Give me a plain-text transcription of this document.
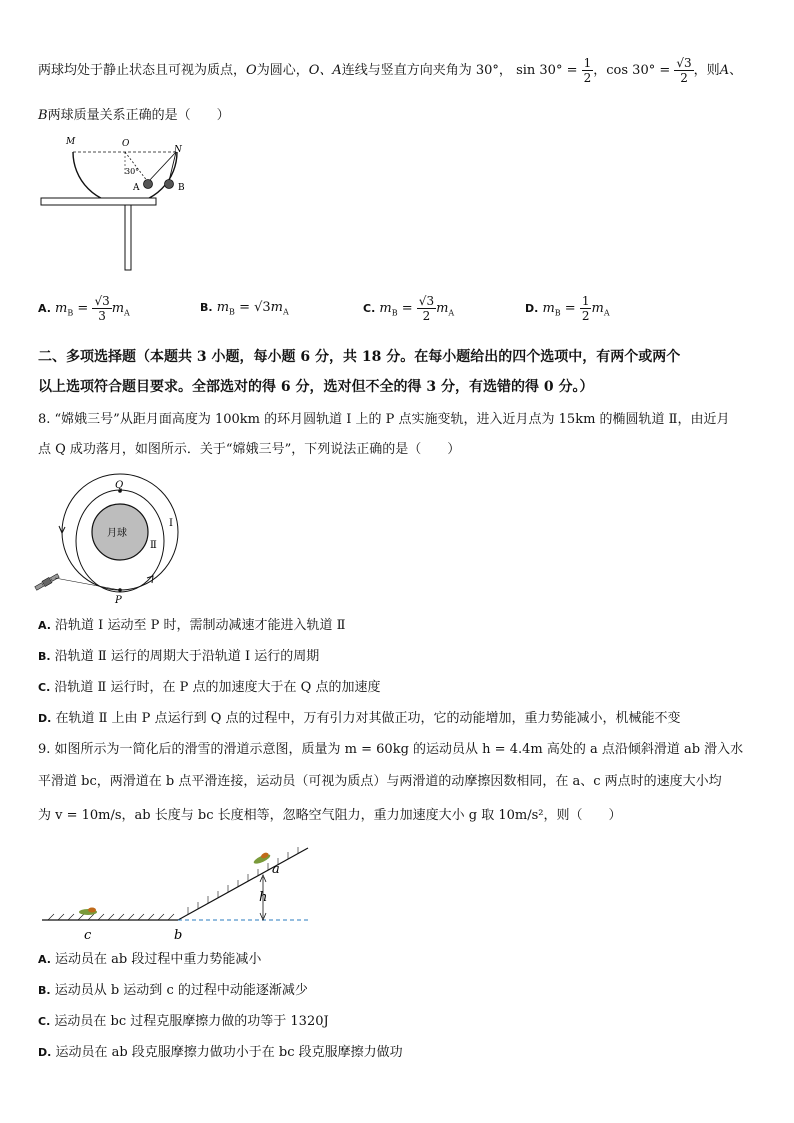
两球均处于静止状态且可视为质点，O为圆心，O、A连线与竖直方向夹角为 30°， $\sin 30^\circ = \frac{1}{2}$ ，$\cos 30^\circ = \frac{√3}{2}$ ，则A、
B两球质量关系正确的是（　　）
M	O
N
30°
A	B
A. $m_B = \frac{√3}{3} m_A$	B. $m_B = √3m_A$	C. $m_B = \frac{√3}{2} m_A$	D. $m_B = \frac{1}{2} m_A$
二、多项选择题（本题共 3 小题，每小题 6 分，共 18 分。在每小题给出的四个选项中，有两个或两个
以上选项符合题目要求。全部选对的得 6 分，选对但不全的得 3 分，有选错的得 0 分。）
8. “嫦娥三号”从距月面高度为 100km 的环月圆轨道 Ⅰ 上的 P 点实施变轨，进入近月点为 15km 的椭圆轨道 Ⅱ，由近月
点 Q 成功落月，如图所示．关于“嫦娥三号”，下列说法正确的是（　　）
Q
月球
Ⅰ
Ⅱ
P
A. 沿轨道 Ⅰ 运动至 P 时，需制动减速才能进入轨道 Ⅱ
B. 沿轨道 Ⅱ 运行的周期大于沿轨道 Ⅰ 运行的周期
C. 沿轨道 Ⅱ 运行时，在 P 点的加速度大于在 Q 点的加速度
D. 在轨道 Ⅱ 上由 P 点运行到 Q 点的过程中，万有引力对其做正功，它的动能增加，重力势能减小，机械能不变
9. 如图所示为一简化后的滑雪的滑道示意图，质量为 m = 60kg 的运动员从 h = 4.4m 高处的 a 点沿倾斜滑道 ab 滑入水
平滑道 bc，两滑道在 b 点平滑连接，运动员（可视为质点）与两滑道的动摩擦因数相同，在 a、c 两点时的速度大小均
为 v = 10m/s，ab 长度与 bc 长度相等，忽略空气阻力，重力加速度大小 g 取 10m/s²，则（　　）
a
h
b
c
A. 运动员在 ab 段过程中重力势能减小
B. 运动员从 b 运动到 c 的过程中动能逐渐减少
C. 运动员在 bc 过程克服摩擦力做的功等于 1320J
D. 运动员在 ab 段克服摩擦力做功小于在 bc 段克服摩擦力做功
